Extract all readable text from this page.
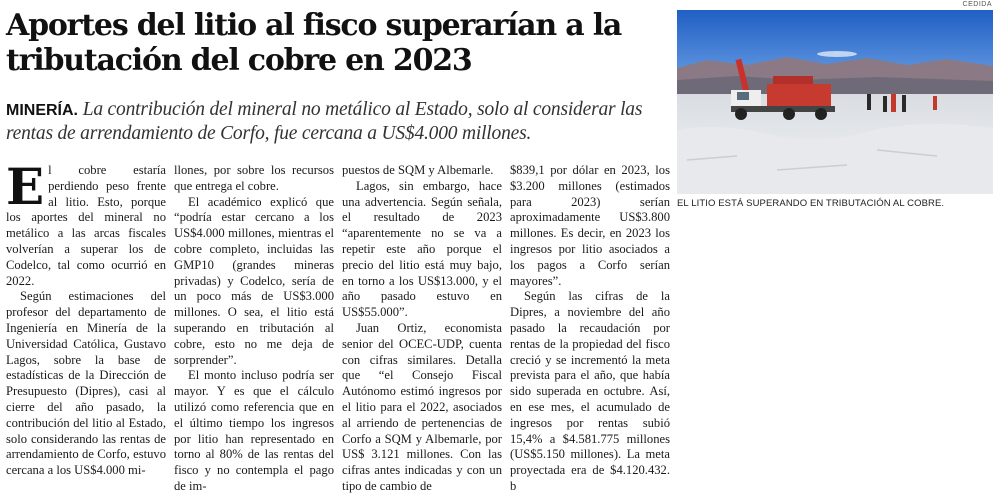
Aportes del litio al fisco superarían a la tributación del cobre en 2023
MINERÍA. La contribución del mineral no metálico al Estado, solo al considerar las rentas de arrendamiento de Corfo, fue cercana a US$4.000 millones.

El cobre estaría perdiendo peso frente al litio. Esto, porque los aportes del mineral no metálico a las arcas fiscales volverían a superar los de Codelco, tal como ocurrió en 2022.

Según estimaciones del profesor del departamento de Ingeniería en Minería de la Universidad Católica, Gustavo Lagos, sobre la base de estadísticas de la Dirección de Presupuesto (Dipres), casi al cierre del año pasado, la contribución del litio al Estado, solo considerando las rentas de arrendamiento de Corfo, estuvo cercana a los US$4.000 mi-

llones, por sobre los recursos que entrega el cobre.

El académico explicó que “podría estar cercano a los US$4.000 millones, mientras el cobre completo, incluidas las GMP10 (grandes mineras privadas) y Codelco, sería de un poco más de US$3.000 millones. O sea, el litio está superando en tributación al cobre, esto no me deja de sorprender”.

El monto incluso podría ser mayor. Y es que el cálculo utilizó como referencia que en el último tiempo los ingresos por litio han representado en torno al 80% de las rentas del fisco y no contempla el pago de im-

puestos de SQM y Albemarle.

Lagos, sin embargo, hace una advertencia. Según señala, el resultado de 2023 “aparentemente no se va a repetir este año porque el precio del litio está muy bajo, en torno a los US$13.000, y el año pasado estuvo en US$55.000”.

Juan Ortiz, economista senior del OCEC-UDP, cuenta con cifras similares. Detalla que “el Consejo Fiscal Autónomo estimó ingresos por el litio para el 2022, asociados al arriendo de pertenencias de Corfo a SQM y Albemarle, por US$ 3.121 millones. Con las cifras antes indicadas y con un tipo de cambio de

$839,1 por dólar en 2023, los $3.200 millones (estimados para 2023) serían aproximadamente US$3.800 millones. Es decir, en 2023 los ingresos por litio asociados a los pagos a Corfo serían mayores”.

Según las cifras de la Dipres, a noviembre del año pasado la recaudación por rentas de la propiedad del fisco creció y se incrementó la meta prevista para el año, que había sido superada en octubre. Así, en ese mes, el acumulado de ingresos por rentas subió 15,4% a $4.581.775 millones (US$5.150 millones). La meta proyectada era de $4.120.432. b

CEDIDA
EL LITIO ESTÁ SUPERANDO EN TRIBUTACIÓN AL COBRE.
